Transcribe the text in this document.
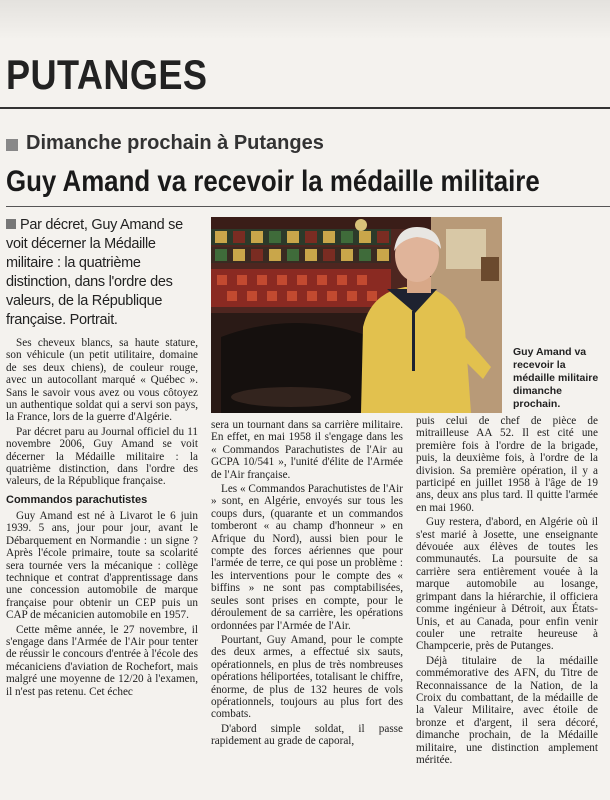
PUTANGES
Dimanche prochain à Putanges
Guy Amand va recevoir la médaille militaire

Par décret, Guy Amand se voit décerner la Médaille militaire : la quatrième distinction, dans l'ordre des valeurs, de la République française. Portrait.

Guy Amand va recevoir la médaille militaire dimanche prochain.

Ses cheveux blancs, sa haute stature, son véhicule (un petit utilitaire, domaine de ses deux chiens), de couleur rouge, avec un autocollant marqué « Québec ». Sans le savoir vous avez ou vous côtoyez un authentique soldat qui a servi son pays, la France, lors de la guerre d'Algérie.

Par décret paru au Journal officiel du 11 novembre 2006, Guy Amand se voit décerner la Médaille militaire : la quatrième distinction, dans l'ordre des valeurs, de la République française.

Commandos parachutistes

Guy Amand est né à Livarot le 6 juin 1939. 5 ans, jour pour jour, avant le Débarquement en Normandie : un signe ? Après l'école primaire, toute sa scolarité sera tournée vers la mécanique : collège technique et contrat d'apprentissage dans une concession automobile de marque française pour obtenir un CEP puis un CAP de mécanicien automobile en 1957.

Cette même année, le 27 novembre, il s'engage dans l'Armée de l'Air pour tenter de réussir le concours d'entrée à l'école des mécaniciens d'aviation de Rochefort, mais malgré une moyenne de 12/20 à l'examen, il n'est pas retenu. Cet échec

sera un tournant dans sa carrière militaire. En effet, en mai 1958 il s'engage dans les « Commandos Parachutistes de l'Air au GCPA 10/541 », l'unité d'élite de l'Armée de l'Air française.

Les « Commandos Parachutistes de l'Air » sont, en Algérie, envoyés sur tous les coups durs, (quarante et un commandos tomberont « au champ d'honneur » en Afrique du Nord), aussi bien pour le compte des forces aériennes que pour l'armée de terre, ce qui pose un problème : les interventions pour le compte des « biffins » ne sont pas comptabilisées, seules sont prises en compte, pour le déroulement de sa carrière, les opérations ordonnées par l'Armée de l'Air.

Pourtant, Guy Amand, pour le compte des deux armes, a effectué six sauts, opérationnels, en plus de très nombreuses opérations héliportées, totalisant le chiffre, énorme, de plus de 132 heures de vols opérationnels, toujours au plus fort des combats.

D'abord simple soldat, il passe rapidement au grade de caporal,

puis celui de chef de pièce de mitrailleuse AA 52. Il est cité une première fois à l'ordre de la brigade, puis, la deuxième fois, à l'ordre de la division. Sa première opération, il y a participé en juillet 1958 à l'âge de 19 ans, deux ans plus tard. Il quitte l'armée en mai 1960.

Guy restera, d'abord, en Algérie où il s'est marié à Josette, une enseignante dévouée aux élèves de toutes les communautés. La poursuite de sa carrière sera entièrement vouée à la marque automobile au losange, grimpant dans la hiérarchie, il officiera comme ingénieur à Détroit, aux États-Unis, et au Canada, pour enfin venir couler une retraite heureuse à Champcerie, près de Putanges.

Déjà titulaire de la médaille commémorative des AFN, du Titre de Reconnaissance de la Nation, de la Croix du combattant, de la médaille de la Valeur Militaire, avec étoile de bronze et d'argent, il sera décoré, dimanche prochain, de la Médaille militaire, une distinction amplement méritée.
